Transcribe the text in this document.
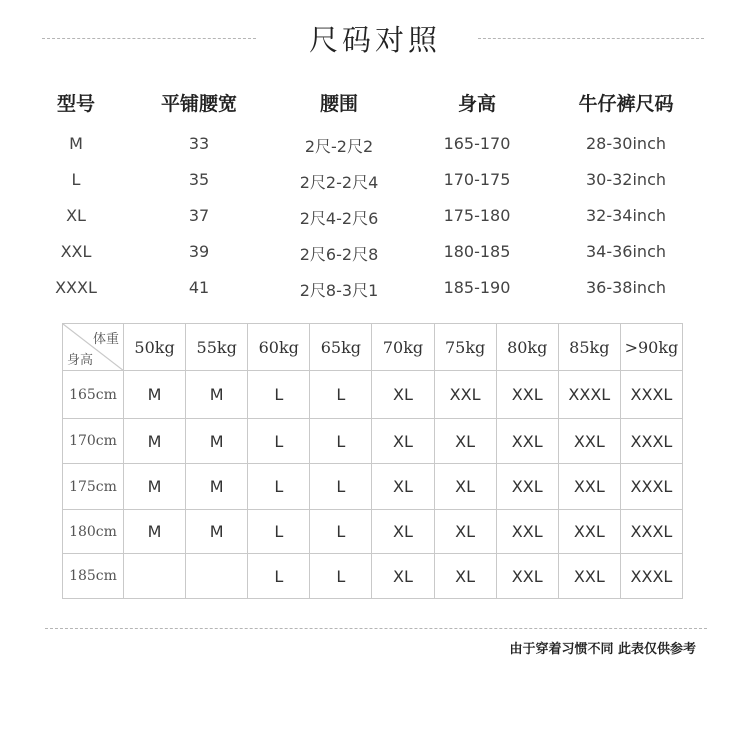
尺码对照
型号	平铺腰宽	腰围	身高	牛仔裤尺码
M	33	2尺-2尺2	165-170	28-30inch
L	35	2尺2-2尺4	170-175	30-32inch
XL	37	2尺4-2尺6	175-180	32-34inch
XXL	39	2尺6-2尺8	180-185	34-36inch
XXXL	41	2尺8-3尺1	185-190	36-38inch
体重
身高	50kg	55kg	60kg	65kg	70kg	75kg	80kg	85kg	>90kg
165cm	M	M	L	L	XL	XXL	XXL	XXXL	XXXL
170cm	M	M	L	L	XL	XL	XXL	XXL	XXXL
175cm	M	M	L	L	XL	XL	XXL	XXL	XXXL
180cm	M	M	L	L	XL	XL	XXL	XXL	XXXL
185cm			L	L	XL	XL	XXL	XXL	XXXL
由于穿着习惯不同 此表仅供参考
